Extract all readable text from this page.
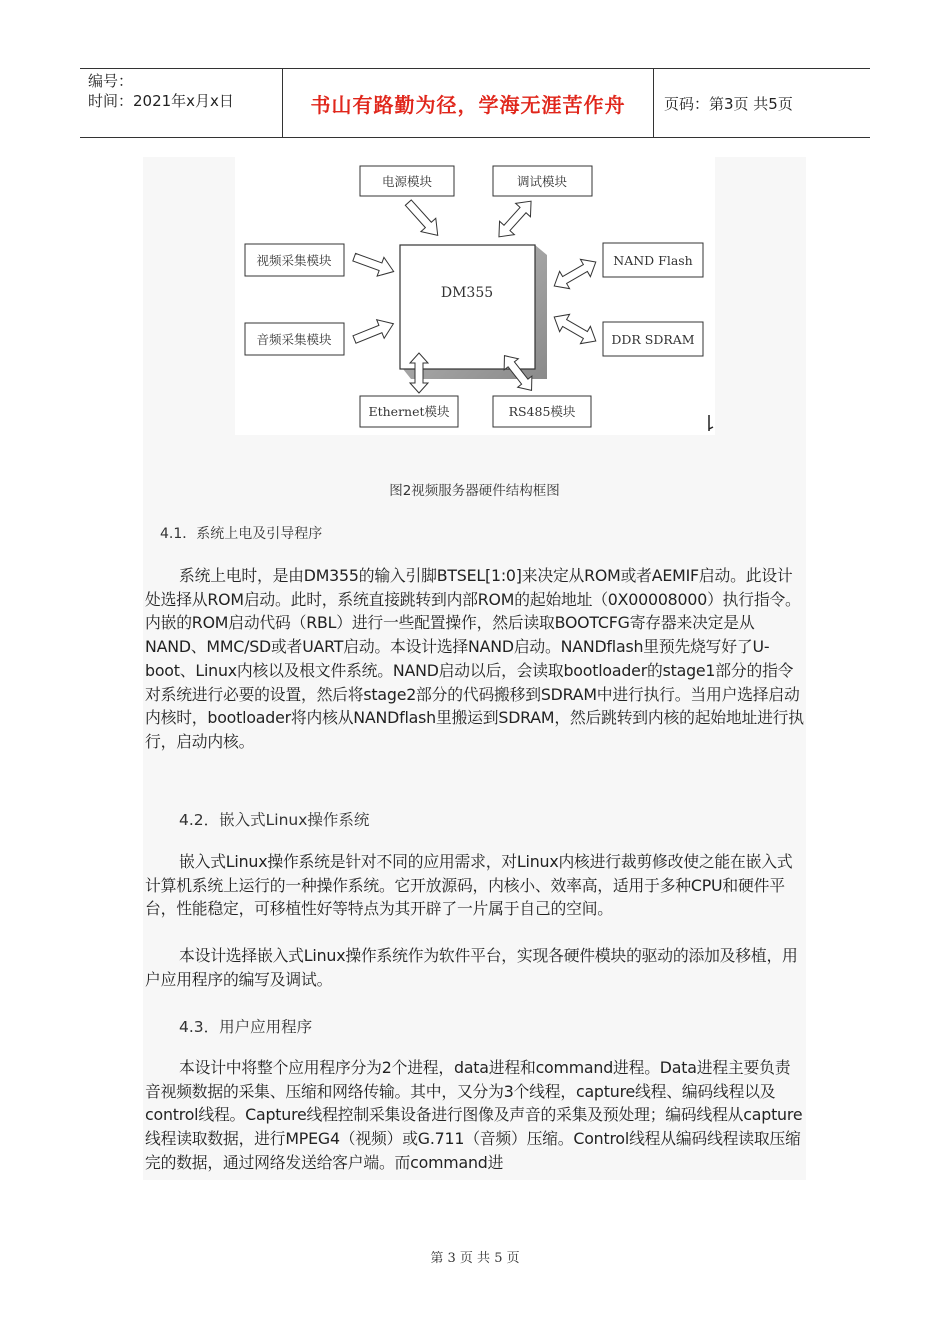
编号：
时间：2021年x月x日	书山有路勤为径，学海无涯苦作舟	页码：第3页 共5页
DM355
电源模块	调试模块
视频采集模块
音频采集模块
NAND Flash
DDR SDRAM
Ethernet模块	RS485模块
图2视频服务器硬件结构框图
4.1．系统上电及引导程序
系统上电时，是由DM355的输入引脚BTSEL[1:0]来决定从ROM或者AEMIF启动。此设计处选择从ROM启动。此时，系统直接跳转到内部ROM的起始地址（0X00008000）执行指令。内嵌的ROM启动代码（RBL）进行一些配置操作，然后读取BOOTCFG寄存器来决定是从NAND、MMC/SD或者UART启动。本设计选择NAND启动。NANDflash里预先烧写好了U-boot、Linux内核以及根文件系统。NAND启动以后，会读取bootloader的stage1部分的指令对系统进行必要的设置，然后将stage2部分的代码搬移到SDRAM中进行执行。当用户选择启动内核时，bootloader将内核从NANDflash里搬运到SDRAM，然后跳转到内核的起始地址进行执行，启动内核。
4.2．嵌入式Linux操作系统
嵌入式Linux操作系统是针对不同的应用需求，对Linux内核进行裁剪修改使之能在嵌入式计算机系统上运行的一种操作系统。它开放源码，内核小、效率高，适用于多种CPU和硬件平台，性能稳定，可移植性好等特点为其开辟了一片属于自己的空间。
本设计选择嵌入式Linux操作系统作为软件平台，实现各硬件模块的驱动的添加及移植，用户应用程序的编写及调试。
4.3．用户应用程序
本设计中将整个应用程序分为2个进程，data进程和command进程。Data进程主要负责音视频数据的采集、压缩和网络传输。其中，又分为3个线程，capture线程、编码线程以及control线程。Capture线程控制采集设备进行图像及声音的采集及预处理；编码线程从capture线程读取数据，进行MPEG4（视频）或G.711（音频）压缩。Control线程从编码线程读取压缩完的数据，通过网络发送给客户端。而command进
第 3 页 共 5 页
